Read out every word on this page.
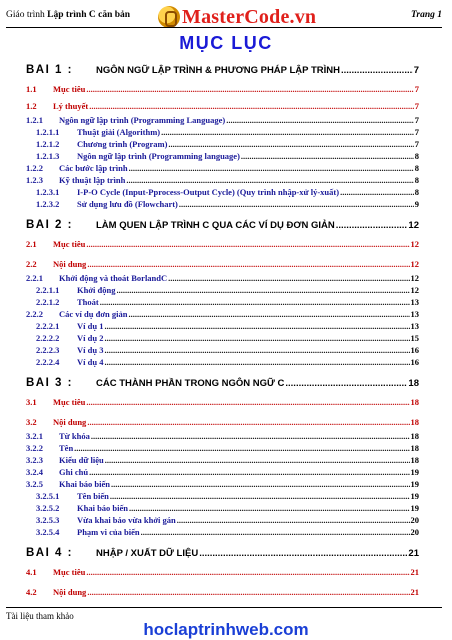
Giáo trình Lập trình C căn bản	MasterCode.vn	Trang 1
MỤC LỤC
BÀI 1 :	NGÔN NGỮ LẬP TRÌNH & PHƯƠNG PHÁP LẬP TRÌNH .....	7
1.1	Mục tiêu .....	7
1.2	Lý thuyết .....	7
1.2.1	Ngôn ngữ lập trình (Programming Language) .....	7
1.2.1.1	Thuật giải (Algorithm) .....	7
1.2.1.2	Chương trình (Program) .....	7
1.2.1.3	Ngôn ngữ lập trình (Programming language) .....	8
1.2.2	Các bước lập trình .....	8
1.2.3	Kỹ thuật lập trình .....	8
1.2.3.1	I-P-O Cycle (Input-Pprocess-Output Cycle) (Quy trình nhập-xử lý-xuất) .....	8
1.2.3.2	Sử dụng lưu đồ (Flowchart) .....	9
BÀI 2 :	LÀM QUEN LẬP TRÌNH C QUA CÁC VÍ DỤ ĐƠN GIẢN .....	12
2.1	Mục tiêu .....	12
2.2	Nội dung .....	12
2.2.1	Khởi động và thoát BorlandC .....	12
2.2.1.1	Khởi động .....	12
2.2.1.2	Thoát .....	13
2.2.2	Các ví dụ đơn giản .....	13
2.2.2.1	Ví dụ 1 .....	13
2.2.2.2	Ví dụ 2 .....	15
2.2.2.3	Ví dụ 3 .....	16
2.2.2.4	Ví dụ 4 .....	16
BÀI 3 :	CÁC THÀNH PHẦN TRONG NGÔN NGỮ C .....	18
3.1	Mục tiêu .....	18
3.2	Nội dung .....	18
3.2.1	Từ khóa .....	18
3.2.2	Tên .....	18
3.2.3	Kiểu dữ liệu .....	18
3.2.4	Ghi chú .....	19
3.2.5	Khai báo biến .....	19
3.2.5.1	Tên biến .....	19
3.2.5.2	Khai báo biến .....	19
3.2.5.3	Vừa khai báo vừa khởi gán .....	20
3.2.5.4	Phạm vi của biến .....	20
BÀI 4 :	NHẬP / XUẤT DỮ LIỆU .....	21
4.1	Mục tiêu .....	21
4.2	Nội dung .....	21
Tài liệu tham khảo
hoclaptrinhweb.com
